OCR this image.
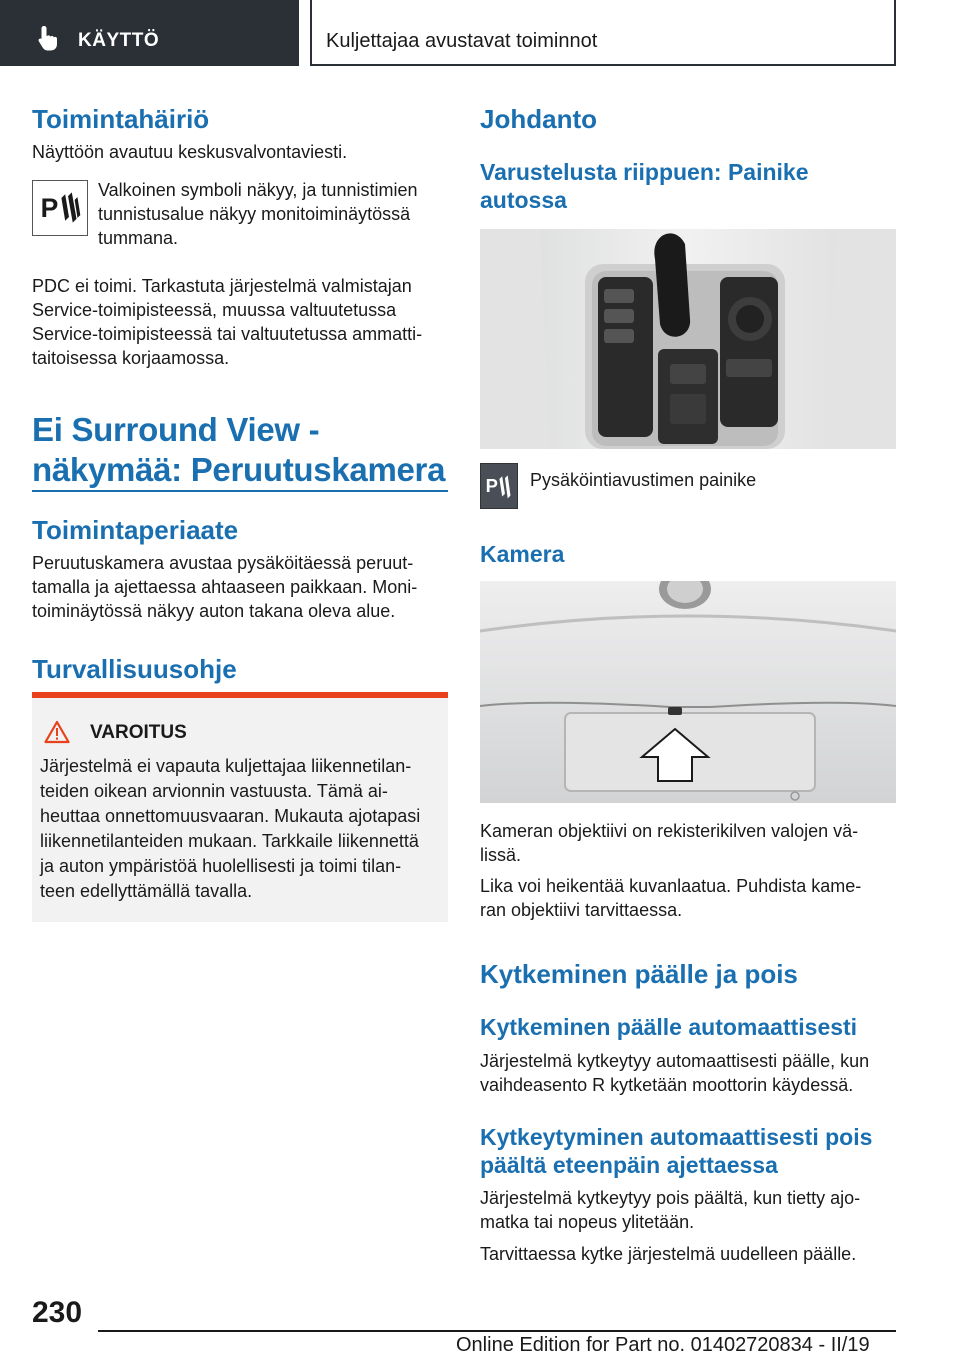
KÄYTTÖ	Kuljettajaa avustavat toiminnot
Toimintahäiriö

Näyttöön avautuu keskusvalvontaviesti.

P

Valkoinen symboli näkyy, ja tunnistimien

tunnistusalue näkyy monitoiminäytössä

tummana.

PDC ei toimi. Tarkastuta järjestelmä valmistajan

Service-toimipisteessä, muussa valtuutetussa

Service-toimipisteessä tai valtuutetussa ammatti-

taitoisessa korjaamossa.

Ei Surround View -
näkymää: Peruutuskamera
Toimintaperiaate

Peruutuskamera avustaa pysäköitäessä peruut-

tamalla ja ajettaessa ahtaaseen paikkaan. Moni-

toiminäytössä näkyy auton takana oleva alue.

Turvallisuusohje
VAROITUS

Järjestelmä ei vapauta kuljettajaa liikennetilan-

teiden oikean arvionnin vastuusta. Tämä ai-

heuttaa onnettomuusvaaran. Mukauta ajotapasi

liikennetilanteiden mukaan. Tarkkaile liikennettä

ja auton ympäristöä huolellisesti ja toimi tilan-

teen edellyttämällä tavalla.

Johdanto
Varustelusta riippuen: Painike
autossa
P Pysäköintiavustimen painike

Kamera

Kameran objektiivi on rekisterikilven valojen vä-

lissä.

Lika voi heikentää kuvanlaatua. Puhdista kame-

ran objektiivi tarvittaessa.

Kytkeminen päälle ja pois
Kytkeminen päälle automaattisesti

Järjestelmä kytkeytyy automaattisesti päälle, kun

vaihdeasento R kytketään moottorin käydessä.

Kytkeytyminen automaattisesti pois
päältä eteenpäin ajettaessa

Järjestelmä kytkeytyy pois päältä, kun tietty ajo-

matka tai nopeus ylitetään.

Tarvittaessa kytke järjestelmä uudelleen päälle.

230
Online Edition for Part no. 01402720834 - II/19
